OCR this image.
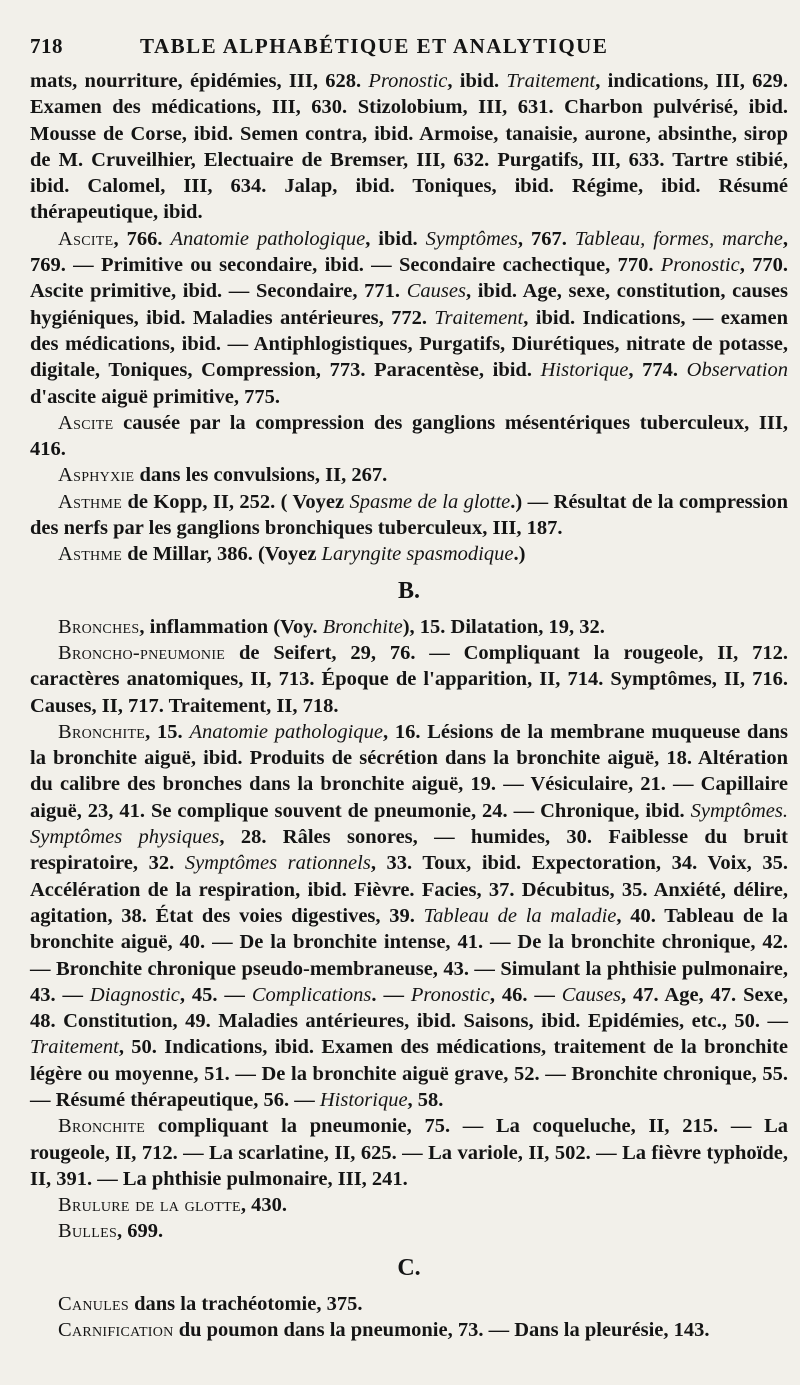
718	TABLE ALPHABÉTIQUE ET ANALYTIQUE

mats, nourriture, épidémies, III, 628. Pronostic, ibid. Traitement, indications, III, 629. Examen des médications, III, 630. Stizolobium, III, 631. Charbon pulvérisé, ibid. Mousse de Corse, ibid. Semen contra, ibid. Armoise, tanaisie, aurone, absinthe, sirop de M. Cruveilhier, Electuaire de Bremser, III, 632. Purgatifs, III, 633. Tartre stibié, ibid. Calomel, III, 634. Jalap, ibid. Toniques, ibid. Régime, ibid. Résumé thérapeutique, ibid.

Ascite, 766. Anatomie pathologique, ibid. Symptômes, 767. Tableau, formes, marche, 769. — Primitive ou secondaire, ibid. — Secondaire cachectique, 770. Pronostic, 770. Ascite primitive, ibid. — Secondaire, 771. Causes, ibid. Age, sexe, constitution, causes hygiéniques, ibid. Maladies antérieures, 772. Traitement, ibid. Indications, — examen des médications, ibid. — Antiphlogistiques, Purgatifs, Diurétiques, nitrate de potasse, digitale, Toniques, Compression, 773. Paracentèse, ibid. Historique, 774. Observation d'ascite aiguë primitive, 775.

Ascite causée par la compression des ganglions mésentériques tuberculeux, III, 416.

Asphyxie dans les convulsions, II, 267.

Asthme de Kopp, II, 252. ( Voyez Spasme de la glotte.) — Résultat de la compression des nerfs par les ganglions bronchiques tuberculeux, III, 187.

Asthme de Millar, 386. (Voyez Laryngite spasmodique.)

B.

Bronches, inflammation (Voy. Bronchite), 15. Dilatation, 19, 32.

Broncho-pneumonie de Seifert, 29, 76. — Compliquant la rougeole, II, 712. caractères anatomiques, II, 713. Époque de l'apparition, II, 714. Symptômes, II, 716. Causes, II, 717. Traitement, II, 718.

Bronchite, 15. Anatomie pathologique, 16. Lésions de la membrane muqueuse dans la bronchite aiguë, ibid. Produits de sécrétion dans la bronchite aiguë, 18. Altération du calibre des bronches dans la bronchite aiguë, 19. — Vésiculaire, 21. — Capillaire aiguë, 23, 41. Se complique souvent de pneumonie, 24. — Chronique, ibid. Symptômes. Symptômes physiques, 28. Râles sonores, — humides, 30. Faiblesse du bruit respiratoire, 32. Symptômes rationnels, 33. Toux, ibid. Expectoration, 34. Voix, 35. Accélération de la respiration, ibid. Fièvre. Facies, 37. Décubitus, 35. Anxiété, délire, agitation, 38. État des voies digestives, 39. Tableau de la maladie, 40. Tableau de la bronchite aiguë, 40. — De la bronchite intense, 41. — De la bronchite chronique, 42. — Bronchite chronique pseudo-membraneuse, 43. — Simulant la phthisie pulmonaire, 43. — Diagnostic, 45. — Complications. — Pronostic, 46. — Causes, 47. Age, 47. Sexe, 48. Constitution, 49. Maladies antérieures, ibid. Saisons, ibid. Epidémies, etc., 50. — Traitement, 50. Indications, ibid. Examen des médications, traitement de la bronchite légère ou moyenne, 51. — De la bronchite aiguë grave, 52. — Bronchite chronique, 55. — Résumé thérapeutique, 56. — Historique, 58.

Bronchite compliquant la pneumonie, 75. — La coqueluche, II, 215. — La rougeole, II, 712. — La scarlatine, II, 625. — La variole, II, 502. — La fièvre typhoïde, II, 391. — La phthisie pulmonaire, III, 241.

Brulure de la glotte, 430.

Bulles, 699.

C.

Canules dans la trachéotomie, 375.

Carnification du poumon dans la pneumonie, 73. — Dans la pleurésie, 143.
